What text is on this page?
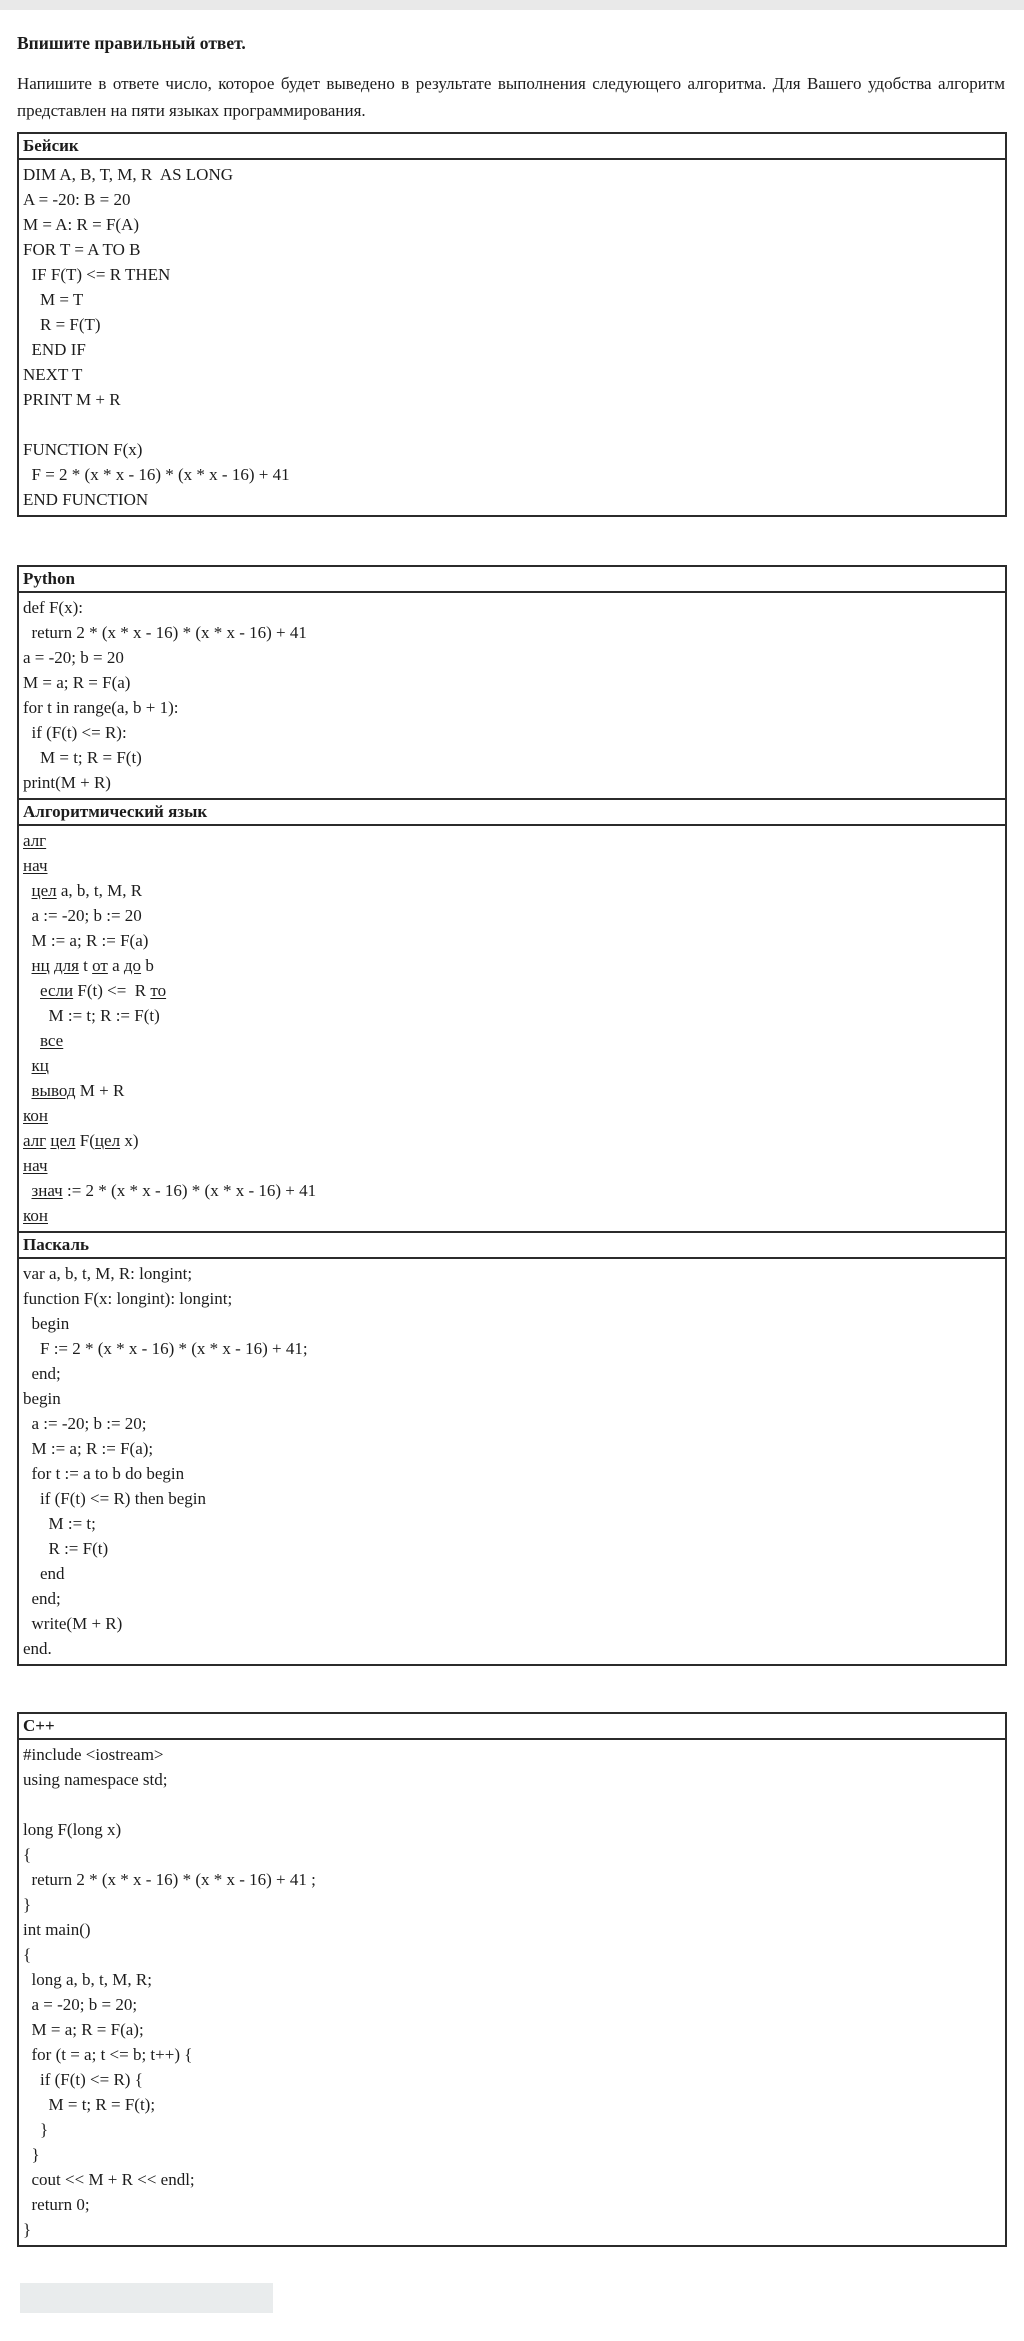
Впишите правильный ответ.

Напишите в ответе число, которое будет выведено в результате выполнения следующего алгоритма. Для Вашего удобства алгоритм представлен на пяти языках программирования.

Бейсик
DIM A, B, T, M, R  AS LONG
A = -20: B = 20
M = A: R = F(A)
FOR T = A TO B
IF F(T) <= R THEN
M = T
R = F(T)
END IF
NEXT T
PRINT M + R

FUNCTION F(x)
F = 2 * (x * x - 16) * (x * x - 16) + 41
END FUNCTION
Python
def F(x):
return 2 * (x * x - 16) * (x * x - 16) + 41
a = -20; b = 20
M = a; R = F(a)
for t in range(a, b + 1):
if (F(t) <= R):
M = t; R = F(t)
print(M + R)
Алгоритмический язык
алг
нач
цел a, b, t, M, R
a := -20; b := 20
M := a; R := F(a)
нц для t от a до b
если F(t) <=  R то
M := t; R := F(t)
все
кц
вывод M + R
кон
алг цел F(цел x)
нач
знач := 2 * (x * x - 16) * (x * x - 16) + 41
кон
Паскаль
var a, b, t, M, R: longint;
function F(x: longint): longint;
begin
F := 2 * (x * x - 16) * (x * x - 16) + 41;
end;
begin
a := -20; b := 20;
M := a; R := F(a);
for t := a to b do begin
if (F(t) <= R) then begin
M := t;
R := F(t)
end
end;
write(M + R)
end.
C++
#include <iostream>
using namespace std;

long F(long x)
{
return 2 * (x * x - 16) * (x * x - 16) + 41 ;
}
int main()
{
long a, b, t, M, R;
a = -20; b = 20;
M = a; R = F(a);
for (t = a; t <= b; t++) {
if (F(t) <= R) {
M = t; R = F(t);
}
}
cout << M + R << endl;
return 0;
}
